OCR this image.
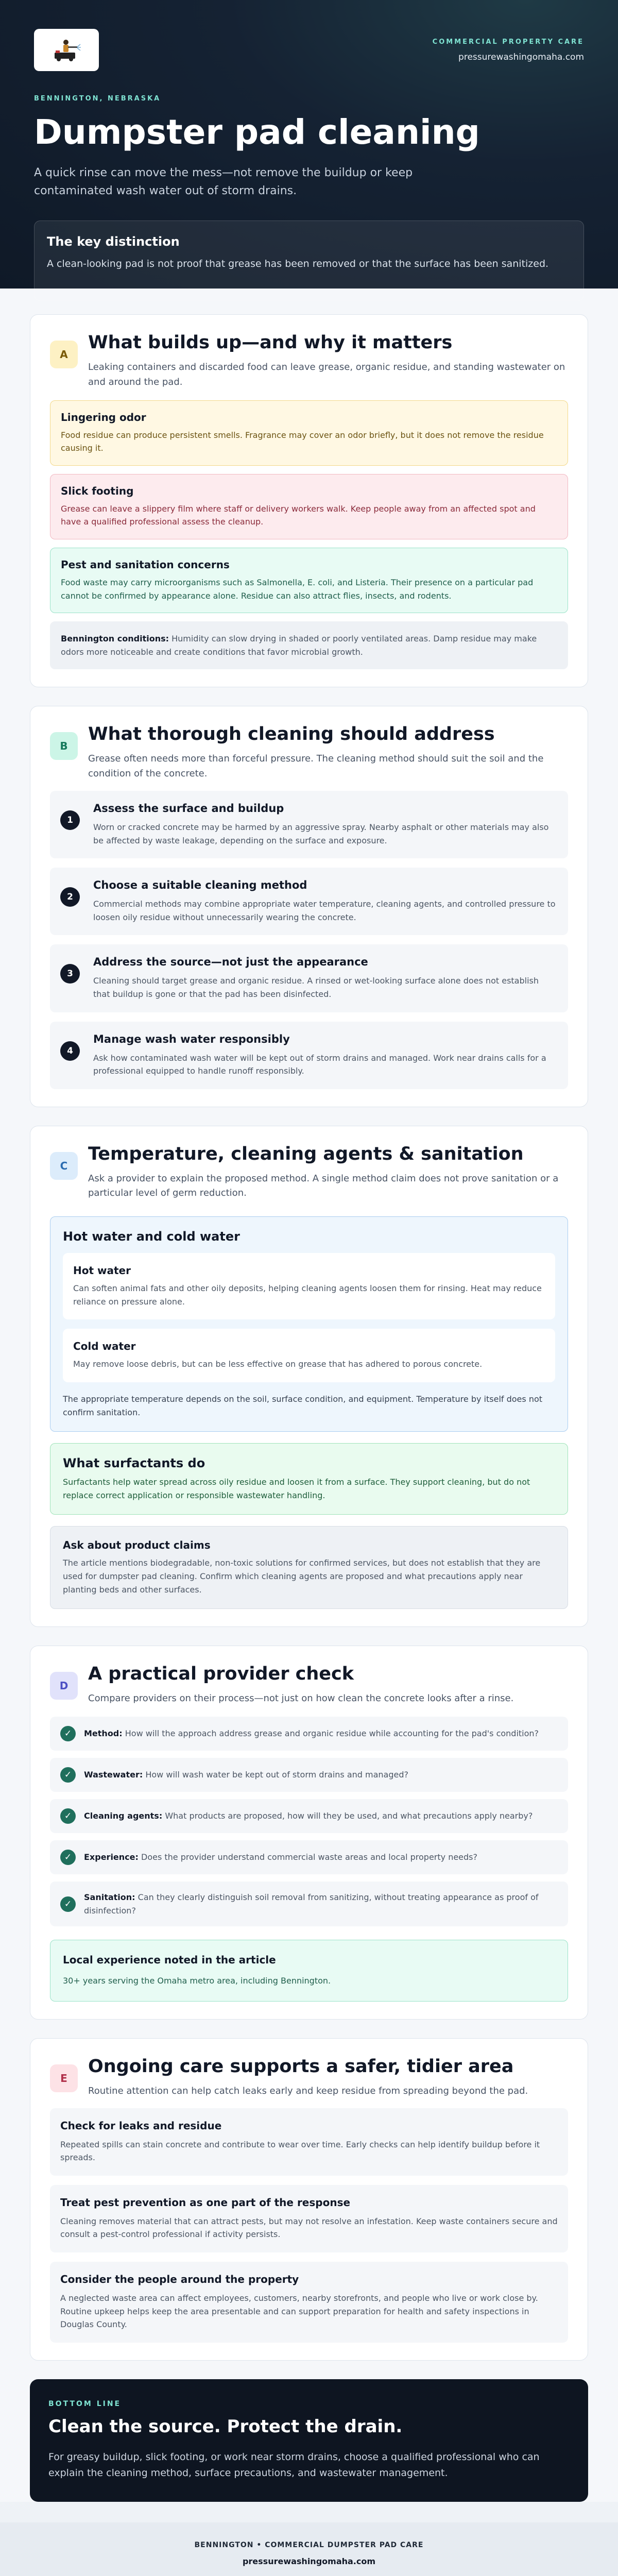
COMMERCIAL PROPERTY CARE
pressurewashingomaha.com
BENNINGTON, NEBRASKA
Dumpster pad cleaning

A quick rinse can move the mess—not remove the buildup or keep contaminated wash water out of storm drains.

The key distinction
A clean-looking pad is not proof that grease has been removed or that the surface has been sanitized.
A
What builds up—and why it matters

Leaking containers and discarded food can leave grease, organic residue, and standing wastewater on and around the pad.

Lingering odor
Food residue can produce persistent smells. Fragrance may cover an odor briefly, but it does not remove the residue causing it.
Slick footing
Grease can leave a slippery film where staff or delivery workers walk. Keep people away from an affected spot and have a qualified professional assess the cleanup.
Pest and sanitation concerns
Food waste may carry microorganisms such as Salmonella, E. coli, and Listeria. Their presence on a particular pad cannot be confirmed by appearance alone. Residue can also attract flies, insects, and rodents.
Bennington conditions: Humidity can slow drying in shaded or poorly ventilated areas. Damp residue may make odors more noticeable and create conditions that favor microbial growth.
B
What thorough cleaning should address

Grease often needs more than forceful pressure. The cleaning method should suit the soil and the condition of the concrete.

1
Assess the surface and buildup
Worn or cracked concrete may be harmed by an aggressive spray. Nearby asphalt or other materials may also be affected by waste leakage, depending on the surface and exposure.
2
Choose a suitable cleaning method
Commercial methods may combine appropriate water temperature, cleaning agents, and controlled pressure to loosen oily residue without unnecessarily wearing the concrete.
3
Address the source—not just the appearance
Cleaning should target grease and organic residue. A rinsed or wet-looking surface alone does not establish that buildup is gone or that the pad has been disinfected.
4
Manage wash water responsibly
Ask how contaminated wash water will be kept out of storm drains and managed. Work near drains calls for a professional equipped to handle runoff responsibly.
C
Temperature, cleaning agents & sanitation

Ask a provider to explain the proposed method. A single method claim does not prove sanitation or a particular level of germ reduction.

Hot water and cold water
Hot water
Can soften animal fats and other oily deposits, helping cleaning agents loosen them for rinsing. Heat may reduce reliance on pressure alone.
Cold water
May remove loose debris, but can be less effective on grease that has adhered to porous concrete.
The appropriate temperature depends on the soil, surface condition, and equipment. Temperature by itself does not confirm sanitation.
What surfactants do
Surfactants help water spread across oily residue and loosen it from a surface. They support cleaning, but do not replace correct application or responsible wastewater handling.
Ask about product claims
The article mentions biodegradable, non-toxic solutions for confirmed services, but does not establish that they are used for dumpster pad cleaning. Confirm which cleaning agents are proposed and what precautions apply near planting beds and other surfaces.
D
A practical provider check

Compare providers on their process—not just on how clean the concrete looks after a rinse.

✓	Method: How will the approach address grease and organic residue while accounting for the pad's condition?
✓	Wastewater: How will wash water be kept out of storm drains and managed?
✓	Cleaning agents: What products are proposed, how will they be used, and what precautions apply nearby?
✓	Experience: Does the provider understand commercial waste areas and local property needs?
✓
Sanitation: Can they clearly distinguish soil removal from sanitizing, without treating appearance as proof of disinfection?
Local experience noted in the article
30+ years serving the Omaha metro area, including Bennington.
E
Ongoing care supports a safer, tidier area

Routine attention can help catch leaks early and keep residue from spreading beyond the pad.

Check for leaks and residue
Repeated spills can stain concrete and contribute to wear over time. Early checks can help identify buildup before it spreads.
Treat pest prevention as one part of the response
Cleaning removes material that can attract pests, but may not resolve an infestation. Keep waste containers secure and consult a pest-control professional if activity persists.
Consider the people around the property
A neglected waste area can affect employees, customers, nearby storefronts, and people who live or work close by. Routine upkeep helps keep the area presentable and can support preparation for health and safety inspections in Douglas County.
BOTTOM LINE
Clean the source. Protect the drain.
For greasy buildup, slick footing, or work near storm drains, choose a qualified professional who can explain the cleaning method, surface precautions, and wastewater management.
BENNINGTON • COMMERCIAL DUMPSTER PAD CARE
pressurewashingomaha.com
